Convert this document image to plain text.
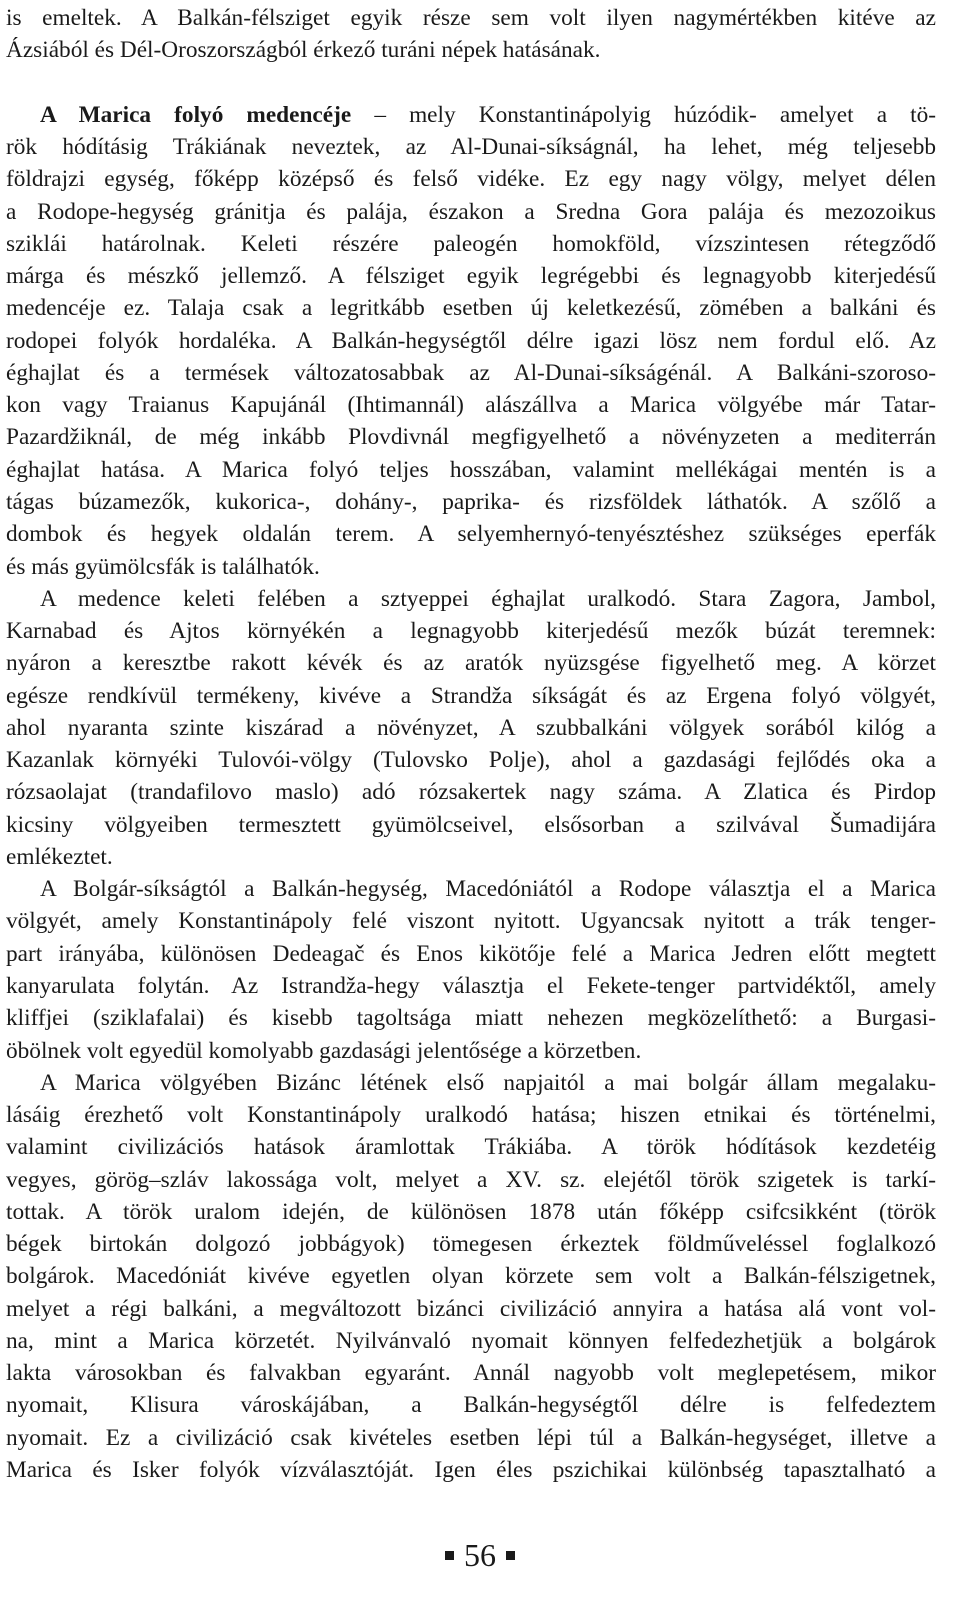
is emeltek. A Balkán-félsziget egyik része sem volt ilyen nagymértékben kitéve az
Ázsiából és Dél-Oroszországból érkező turáni népek hatásának.

A Marica folyó medencéje – mely Konstantinápolyig húzódik- amelyet a tö-
rök hódításig Trákiának neveztek, az Al-Dunai-síkságnál, ha lehet, még teljesebb
földrajzi egység, főképp középső és felső vidéke. Ez egy nagy völgy, melyet délen
a Rodope-hegység gránitja és palája, északon a Sredna Gora palája és mezozoikus
sziklái határolnak. Keleti részére paleogén homokföld, vízszintesen rétegződő
márga és mészkő jellemző. A félsziget egyik legrégebbi és legnagyobb kiterjedésű
medencéje ez. Talaja csak a legritkább esetben új keletkezésű, zömében a balkáni és
rodopei folyók hordaléka. A Balkán-hegységtől délre igazi lösz nem fordul elő. Az
éghajlat és a termések változatosabbak az Al-Dunai-síkságénál. A Balkáni-szoroso-
kon vagy Traianus Kapujánál (Ihtimannál) alászállva a Marica völgyébe már Tatar-
Pazardžiknál, de még inkább Plovdivnál megfigyelhető a növényzeten a mediterrán
éghajlat hatása. A Marica folyó teljes hosszában, valamint mellékágai mentén is a
tágas búzamezők, kukorica-, dohány-, paprika- és rizsföldek láthatók. A szőlő a
dombok és hegyek oldalán terem. A selyemhernyó-tenyésztéshez szükséges eperfák
és más gyümölcsfák is találhatók.
A medence keleti felében a sztyeppei éghajlat uralkodó. Stara Zagora, Jambol,
Karnabad és Ajtos környékén a legnagyobb kiterjedésű mezők búzát teremnek:
nyáron a keresztbe rakott kévék és az aratók nyüzsgése figyelhető meg. A körzet
egésze rendkívül termékeny, kivéve a Strandža síkságát és az Ergena folyó völgyét,
ahol nyaranta szinte kiszárad a növényzet, A szubbalkáni völgyek sorából kilóg a
Kazanlak környéki Tulovói-völgy (Tulovsko Polje), ahol a gazdasági fejlődés oka a
rózsaolajat (trandafilovo maslo) adó rózsakertek nagy száma. A Zlatica és Pirdop
kicsiny völgyeiben termesztett gyümölcseivel, elsősorban a szilvával Šumadijára
emlékeztet.
A Bolgár-síkságtól a Balkán-hegység, Macedóniától a Rodope választja el a Marica
völgyét, amely Konstantinápoly felé viszont nyitott. Ugyancsak nyitott a trák tenger-
part irányába, különösen Dedeagač és Enos kikötője felé a Marica Jedren előtt megtett
kanyarulata folytán. Az Istrandža-hegy választja el Fekete-tenger partvidéktől, amely
kliffjei (sziklafalai) és kisebb tagoltsága miatt nehezen megközelíthető: a Burgasi-
öbölnek volt egyedül komolyabb gazdasági jelentősége a körzetben.
A Marica völgyében Bizánc létének első napjaitól a mai bolgár állam megalaku-
lásáig érezhető volt Konstantinápoly uralkodó hatása; hiszen etnikai és történelmi,
valamint civilizációs hatások áramlottak Trákiába. A török hódítások kezdetéig
vegyes, görög–szláv lakossága volt, melyet a XV. sz. elejétől török szigetek is tarkí-
tottak. A török uralom idején, de különösen 1878 után főképp csifcsikként (török
bégek birtokán dolgozó jobbágyok) tömegesen érkeztek földműveléssel foglalkozó
bolgárok. Macedóniát kivéve egyetlen olyan körzete sem volt a Balkán-félszigetnek,
melyet a régi balkáni, a megváltozott bizánci civilizáció annyira a hatása alá vont vol-
na, mint a Marica körzetét. Nyilvánvaló nyomait könnyen felfedezhetjük a bolgárok
lakta városokban és falvakban egyaránt. Annál nagyobb volt meglepetésem, mikor
nyomait, Klisura városkájában, a Balkán-hegységtől délre is felfedeztem
nyomait. Ez a civilizáció csak kivételes esetben lépi túl a Balkán-hegységet, illetve a
Marica és Isker folyók vízválasztóját. Igen éles pszichikai különbség tapasztalható a
56
